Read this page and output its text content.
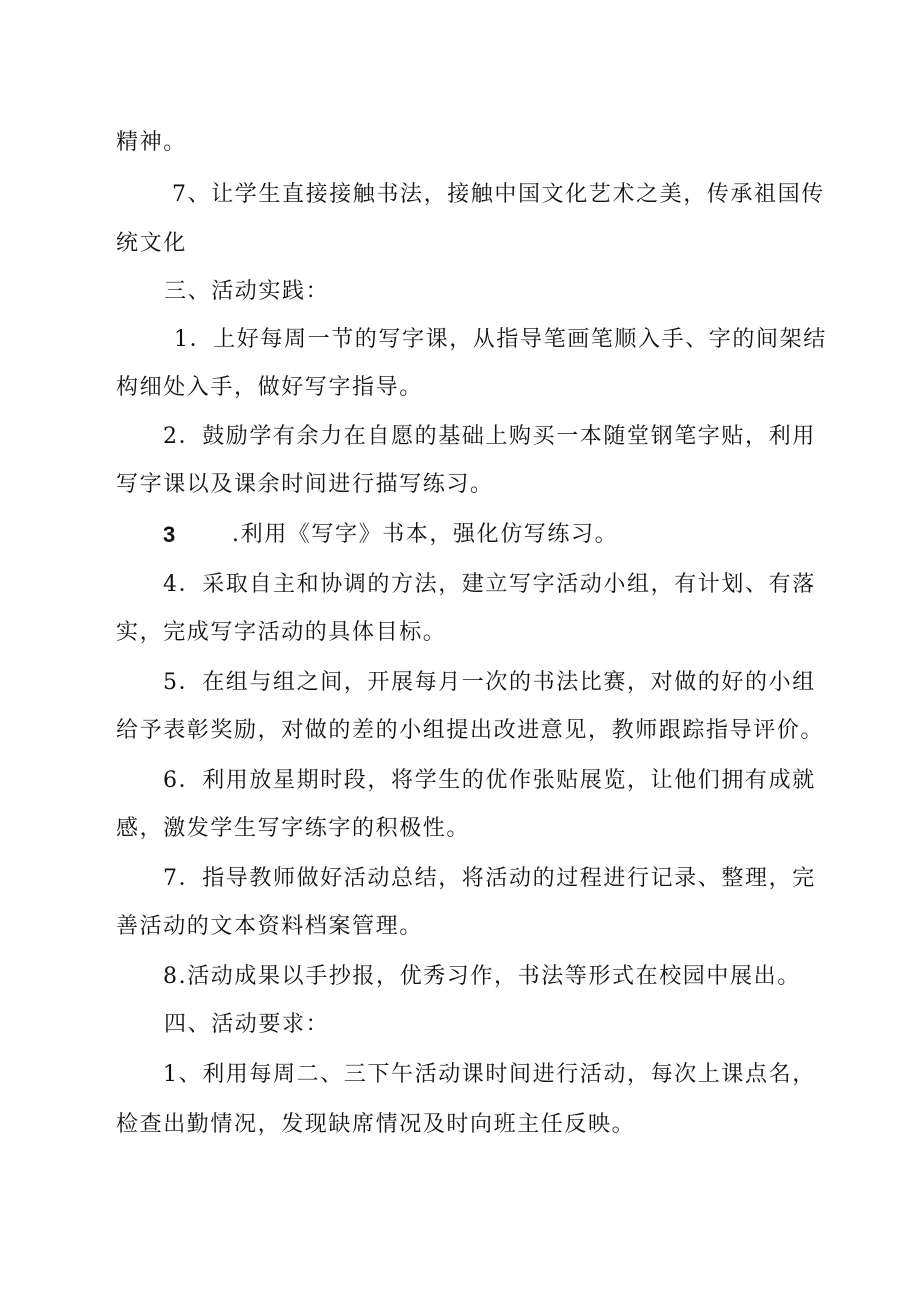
精神。
7、让学生直接接触书法，接触中国文化艺术之美，传承祖国传
统文化
三、活动实践：
1．上好每周一节的写字课，从指导笔画笔顺入手、字的间架结
构细处入手，做好写字指导。
2．鼓励学有余力在自愿的基础上购买一本随堂钢笔字贴，利用
写字课以及课余时间进行描写练习。
3	.利用《写字》书本，强化仿写练习。
4．采取自主和协调的方法，建立写字活动小组，有计划、有落
实，完成写字活动的具体目标。
5．在组与组之间，开展每月一次的书法比赛，对做的好的小组
给予表彰奖励，对做的差的小组提出改进意见，教师跟踪指导评价。
6．利用放星期时段，将学生的优作张贴展览，让他们拥有成就
感，激发学生写字练字的积极性。
7．指导教师做好活动总结，将活动的过程进行记录、整理，完
善活动的文本资料档案管理。
8.活动成果以手抄报，优秀习作，书法等形式在校园中展出。
四、活动要求：
1、利用每周二、三下午活动课时间进行活动，每次上课点名，
检查出勤情况，发现缺席情况及时向班主任反映。
